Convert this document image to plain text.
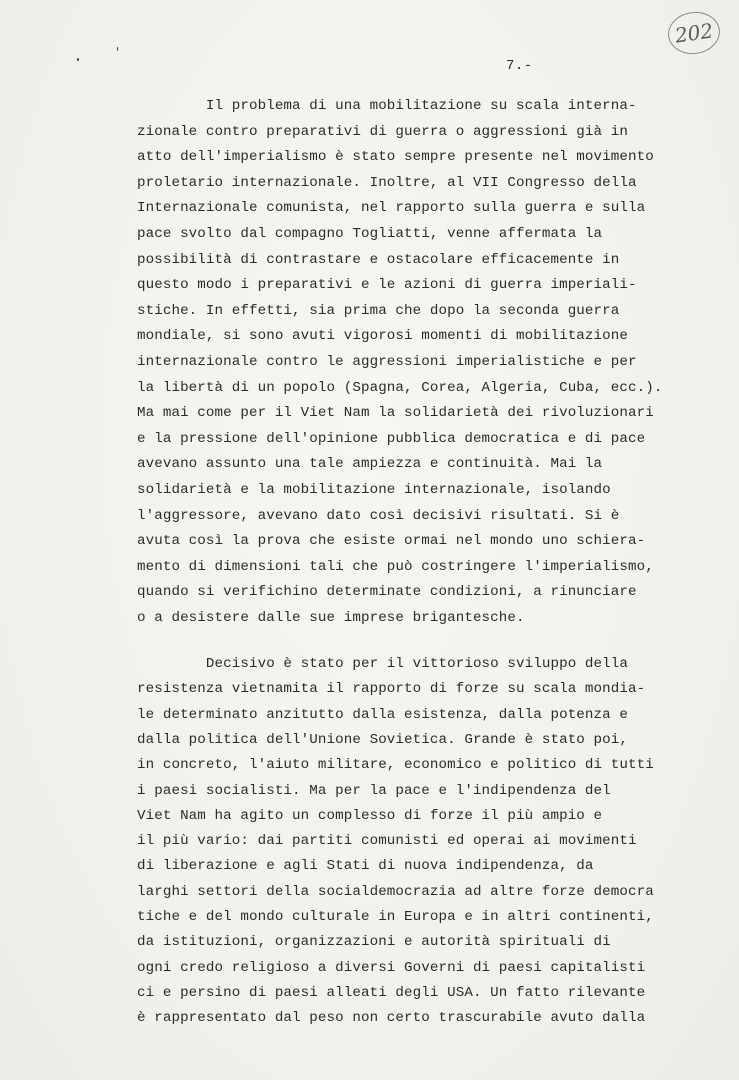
202
7.-
Il problema di una mobilitazione su scala interna-
zionale contro preparativi di guerra o aggressioni già in
atto dell'imperialismo è stato sempre presente nel movimento
proletario internazionale. Inoltre, al VII Congresso della
Internazionale comunista, nel rapporto sulla guerra e sulla
pace svolto dal compagno Togliatti, venne affermata la
possibilità di contrastare e ostacolare efficacemente in
questo modo i preparativi e le azioni di guerra imperiali-
stiche. In effetti, sia prima che dopo la seconda guerra
mondiale, si sono avuti vigorosi momenti di mobilitazione
internazionale contro le aggressioni imperialistiche e per
la libertà di un popolo (Spagna, Corea, Algeria, Cuba, ecc.).
Ma mai come per il Viet Nam la solidarietà dei rivoluzionari
e la pressione dell'opinione pubblica democratica e di pace
avevano assunto una tale ampiezza e continuità. Mai la
solidarietà e la mobilitazione internazionale, isolando
l'aggressore, avevano dato così decisivi risultati. Si è
avuta così la prova che esiste ormai nel mondo uno schiera-
mento di dimensioni tali che può costringere l'imperialismo,
quando si verifichino determinate condizioni, a rinunciare
o a desistere dalle sue imprese brigantesche.
Decisivo è stato per il vittorioso sviluppo della
resistenza vietnamita il rapporto di forze su scala mondia-
le determinato anzitutto dalla esistenza, dalla potenza e
dalla politica dell'Unione Sovietica. Grande è stato poi,
in concreto, l'aiuto militare, economico e politico di tutti
i paesi socialisti. Ma per la pace e l'indipendenza del
Viet Nam ha agito un complesso di forze il più ampio e
il più vario: dai partiti comunisti ed operai ai movimenti
di liberazione e agli Stati di nuova indipendenza, da
larghi settori della socialdemocrazia ad altre forze democra
tiche e del mondo culturale in Europa e in altri continenti,
da istituzioni, organizzazioni e autorità spirituali di
ogni credo religioso a diversi Governi di paesi capitalisti
ci e persino di paesi alleati degli USA. Un fatto rilevante
è rappresentato dal peso non certo trascurabile avuto dalla
